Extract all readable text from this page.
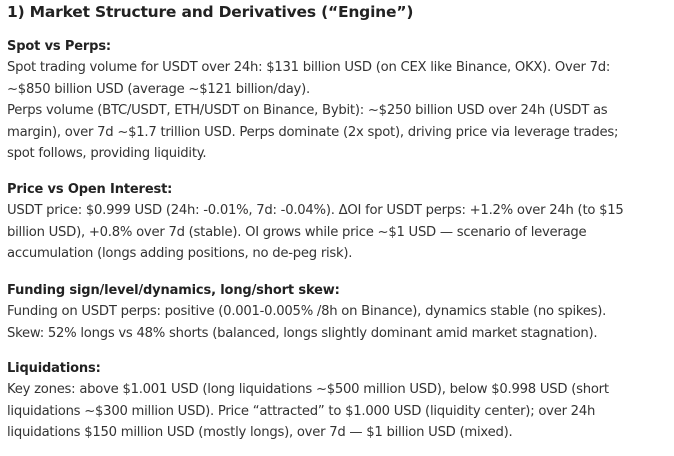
1) Market Structure and Derivatives (“Engine”)
Spot vs Perps:

Spot trading volume for USDT over 24h: $131 billion USD (on CEX like Binance, OKX). Over 7d:
~$850 billion USD (average ~$121 billion/day).
Perps volume (BTC/USDT, ETH/USDT on Binance, Bybit): ~$250 billion USD over 24h (USDT as
margin), over 7d ~$1.7 trillion USD. Perps dominate (2x spot), driving price via leverage trades;
spot follows, providing liquidity.

Price vs Open Interest:

USDT price: $0.999 USD (24h: -0.01%, 7d: -0.04%). ΔOI for USDT perps: +1.2% over 24h (to $15
billion USD), +0.8% over 7d (stable). OI grows while price ~$1 USD — scenario of leverage
accumulation (longs adding positions, no de-peg risk).

Funding sign/level/dynamics, long/short skew:

Funding on USDT perps: positive (0.001-0.005% /8h on Binance), dynamics stable (no spikes).
Skew: 52% longs vs 48% shorts (balanced, longs slightly dominant amid market stagnation).

Liquidations:

Key zones: above $1.001 USD (long liquidations ~$500 million USD), below $0.998 USD (short
liquidations ~$300 million USD). Price “attracted” to $1.000 USD (liquidity center); over 24h
liquidations $150 million USD (mostly longs), over 7d — $1 billion USD (mixed).
